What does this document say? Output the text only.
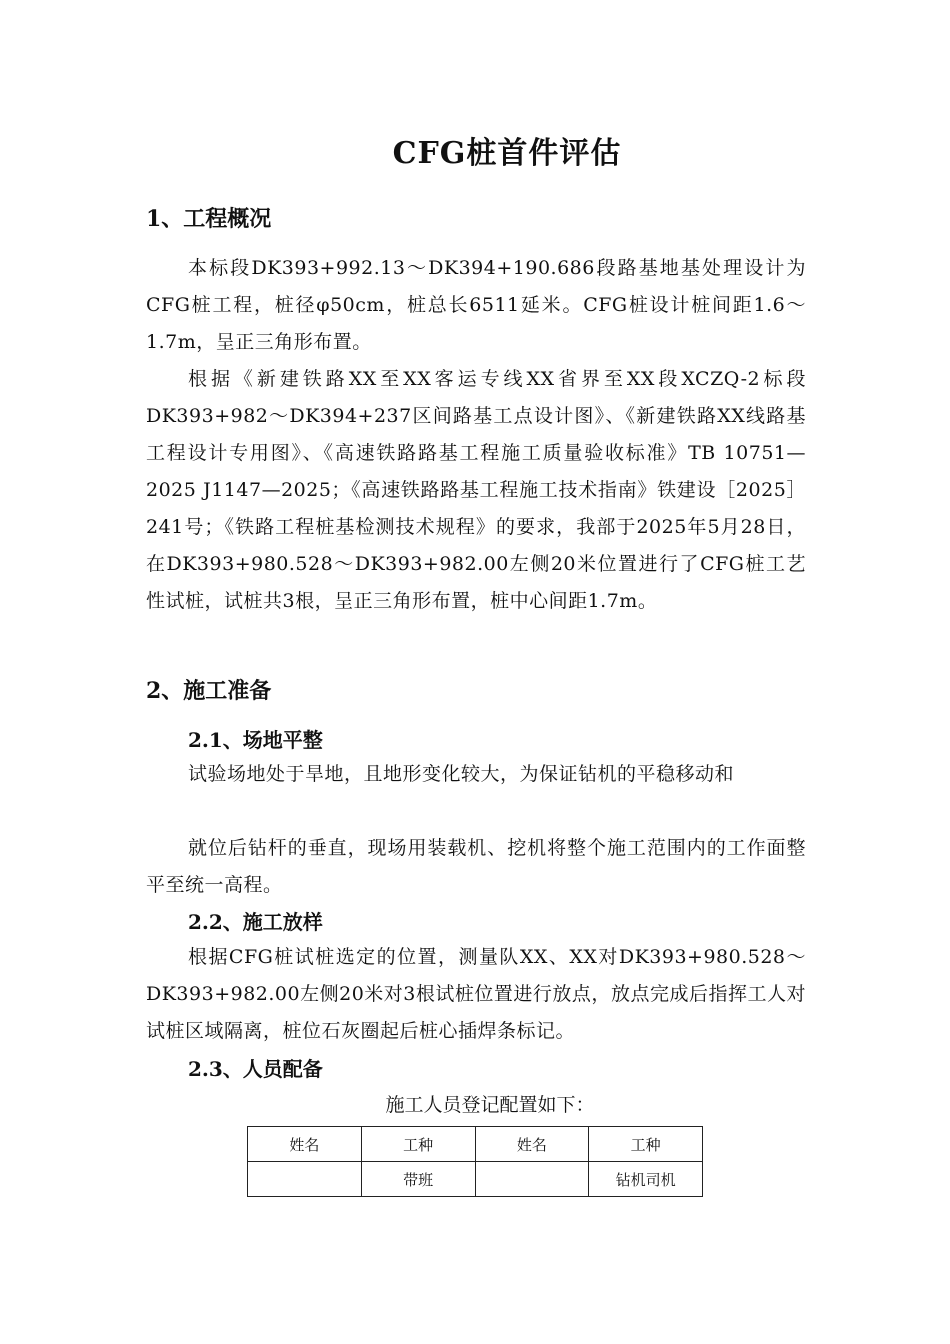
CFG桩首件评估
1、工程概况
本标段DK393+992.13～DK394+190.686段路基地基处理设计为CFG桩工程，桩径φ50cm，桩总长6511延米。CFG桩设计桩间距1.6～1.7m，呈正三角形布置。
根据《新建铁路XX至XX客运专线XX省界至XX段XCZQ-2标段DK393+982～DK394+237区间路基工点设计图》、《新建铁路XX线路基工程设计专用图》、《高速铁路路基工程施工质量验收标准》TB 10751—2025 J1147—2025；《高速铁路路基工程施工技术指南》铁建设［2025］241号；《铁路工程桩基检测技术规程》的要求，我部于2025年5月28日，在DK393+980.528～DK393+982.00左侧20米位置进行了CFG桩工艺性试桩，试桩共3根，呈正三角形布置，桩中心间距1.7m。
2、施工准备
2.1、场地平整
试验场地处于旱地，且地形变化较大，为保证钻机的平稳移动和
就位后钻杆的垂直，现场用装载机、挖机将整个施工范围内的工作面整平至统一高程。
2.2、施工放样
根据CFG桩试桩选定的位置，测量队XX、XX对DK393+980.528～DK393+982.00左侧20米对3根试桩位置进行放点，放点完成后指挥工人对试桩区域隔离，桩位石灰圈起后桩心插焊条标记。
2.3、人员配备
施工人员登记配置如下：
姓名	工种	姓名	工种
	带班		钻机司机
